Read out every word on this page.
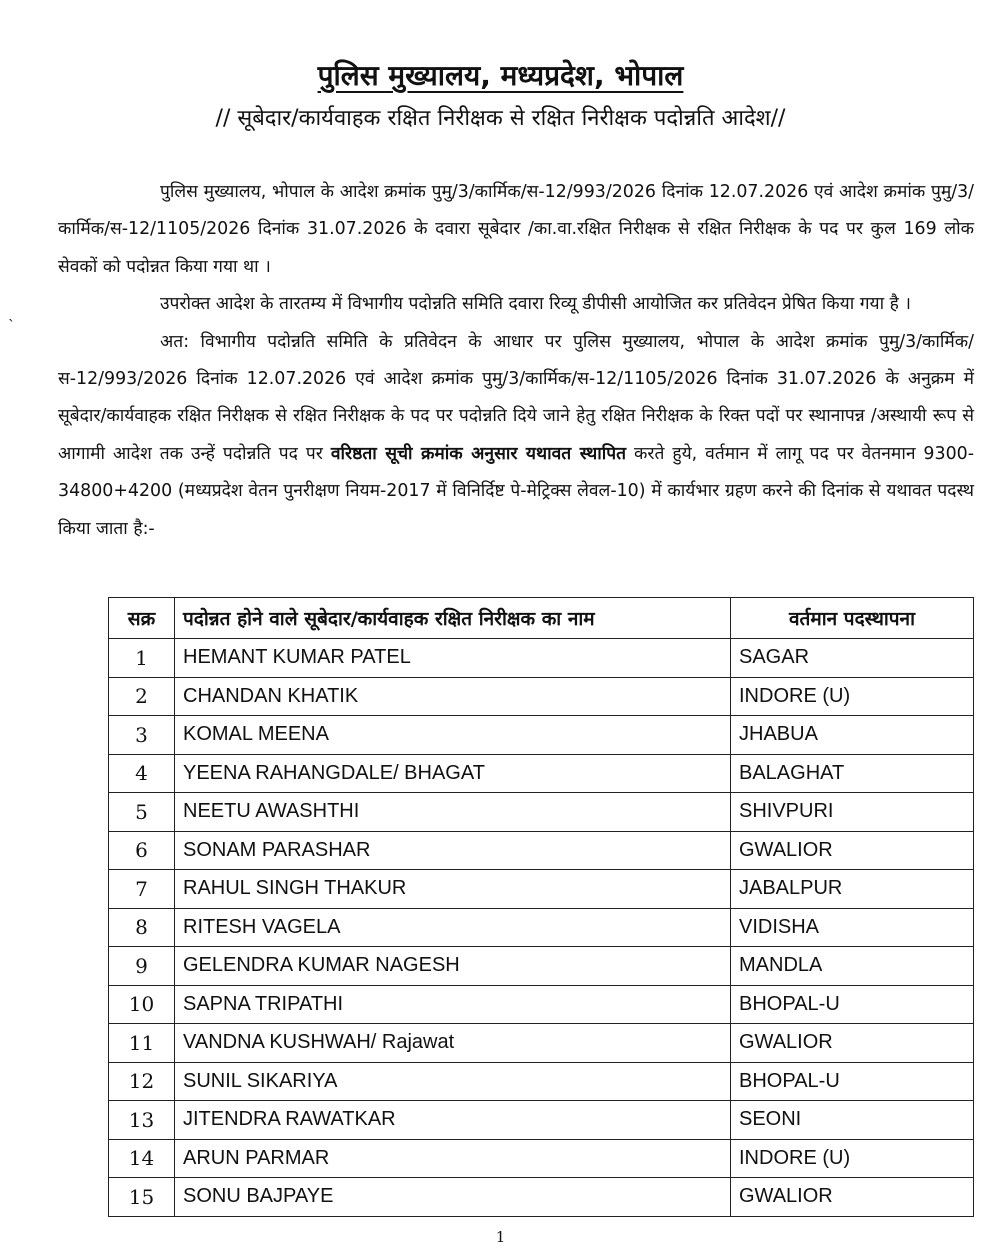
पुलिस मुख्यालय, मध्यप्रदेश, भोपाल
// सूबेदार/कार्यवाहक रक्षित निरीक्षक से रक्षित निरीक्षक पदोन्नति आदेश//
ˎ

पुलिस मुख्यालय, भोपाल के आदेश क्रमांक पुमु/3/कार्मिक/स-12/993/2026 दिनांक 12.07.2026 एवं आदेश क्रमांक पुमु/3/कार्मिक/स-12/1105/2026 दिनांक 31.07.2026 के दवारा सूबेदार /का.वा.रक्षित निरीक्षक से रक्षित निरीक्षक के पद पर कुल 169 लोक सेवकों को पदोन्नत किया गया था ।

उपरोक्त आदेश के तारतम्य में विभागीय पदोन्नति समिति दवारा रिव्यू डीपीसी आयोजित कर प्रतिवेदन प्रेषित किया गया है ।

अत: विभागीय पदोन्नति समिति के प्रतिवेदन के आधार पर पुलिस मुख्यालय, भोपाल के आदेश क्रमांक पुमु/3/कार्मिक/स-12/993/2026 दिनांक 12.07.2026 एवं आदेश क्रमांक पुमु/3/कार्मिक/स-12/1105/2026 दिनांक 31.07.2026 के अनुक्रम में सूबेदार/कार्यवाहक रक्षित निरीक्षक से रक्षित निरीक्षक के पद पर पदोन्नति दिये जाने हेतु रक्षित निरीक्षक के रिक्त पदों पर स्थानापन्न /अस्थायी रूप से आगामी आदेश तक उन्हें पदोन्नति पद पर वरिष्ठता सूची क्रमांक अनुसार यथावत स्थापित करते हुये, वर्तमान में लागू पद पर वेतनमान 9300-34800+4200 (मध्यप्रदेश वेतन पुनरीक्षण नियम-2017 में विनिर्दिष्ट पे-मेट्रिक्स लेवल-10) में कार्यभार ग्रहण करने की दिनांक से यथावत पदस्थ किया जाता है:-

सक्र	पदोन्नत होने वाले सूबेदार/कार्यवाहक रक्षित निरीक्षक का नाम	वर्तमान पदस्थापना
1	HEMANT KUMAR PATEL	SAGAR
2	CHANDAN KHATIK	INDORE (U)
3	KOMAL MEENA	JHABUA
4	YEENA RAHANGDALE/ BHAGAT	BALAGHAT
5	NEETU AWASHTHI	SHIVPURI
6	SONAM PARASHAR	GWALIOR
7	RAHUL SINGH THAKUR	JABALPUR
8	RITESH VAGELA	VIDISHA
9	GELENDRA KUMAR NAGESH	MANDLA
10	SAPNA TRIPATHI	BHOPAL-U
11	VANDNA KUSHWAH/ Rajawat	GWALIOR
12	SUNIL SIKARIYA	BHOPAL-U
13	JITENDRA RAWATKAR	SEONI
14	ARUN PARMAR	INDORE (U)
15	SONU BAJPAYE	GWALIOR
1
